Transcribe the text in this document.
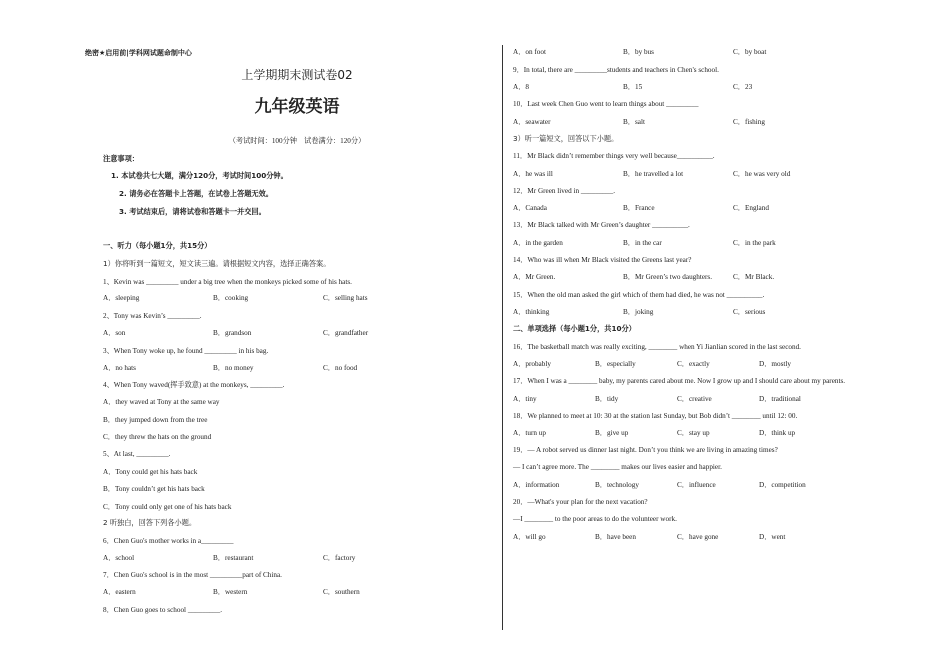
绝密★启用前|学科网试题命制中心
上学期期末测试卷02
九年级英语
（考试时间：100分钟　试卷满分：120分）
注意事项：
1. 本试卷共七大题，满分120分，考试时间100分钟。
2. 请务必在答题卡上答题，在试卷上答题无效。
3. 考试结束后，请将试卷和答题卡一并交回。
一、听力（每小题1分，共15分）
1）你将听到一篇短文，短文读三遍。请根据短文内容，选择正确答案。
1、Kevin was _________ under a big tree when the monkeys picked some of his hats.
A．sleeping	B．cooking	C．selling hats
2、Tony was Kevin’s _________.
A．son	B．grandson	C．grandfather
3、When Tony woke up, he found _________ in his bag.
A．no hats	B．no money	C．no food
4、When Tony waved(挥手致意) at the monkeys, _________.
A．they waved at Tony at the same way
B．they jumped down from the tree
C．they threw the hats on the ground
5、At last, _________.
A．Tony could get his hats back
B．Tony couldn’t get his hats back
C．Tony could only get one of his hats back
2 听独白，回答下列各小题。
6．Chen Guo's mother works in a_________
A．school	B．restaurant	C．factory
7．Chen Guo's school is in the most _________part of China.
A．eastern	B．western	C．southern
8．Chen Guo goes to school _________.
A．on foot	B．by bus	C．by boat
9．In total, there are _________students and teachers in Chen's school.
A．8	B．15	C．23
10．Last week Chen Guo went to learn things about _________
A．seawater	B．salt	C．fishing
3）听一篇短文，回答以下小题。
11．Mr Black didn’t remember things very well because__________.
A．he was ill	B．he travelled a lot	C．he was very old
12．Mr Green lived in _________.
A．Canada	B．France	C．England
13．Mr Black talked with Mr Green’s daughter __________.
A．in the garden	B．in the car	C．in the park
14．Who was ill when Mr Black visited the Greens last year?
A．Mr Green.	B．Mr Green’s two daughters.	C．Mr Black.
15．When the old man asked the girl which of them had died, he was not __________.
A．thinking	B．joking	C．serious
二、单项选择（每小题1分，共10分）
16．The basketball match was really exciting, ________ when Yi Jianlian scored in the last second.
A．probably	B．especially	C．exactly	D．mostly
17．When I was a ________ baby, my parents cared about me. Now I grow up and I should care about my parents.
A．tiny	B．tidy	C．creative	D．traditional
18．We planned to meet at 10: 30 at the station last Sunday, but Bob didn’t ________ until 12: 00.
A．turn up	B．give up	C．stay up	D．think up
19．— A robot served us dinner last night. Don’t you think we are living in amazing times?
— I can’t agree more. The ________ makes our lives easier and happier.
A．information	B．technology	C．influence	D．competition
20．—What's your plan for the next vacation?
—I ________ to the poor areas to do the volunteer work.
A．will go	B．have been	C．have gone	D．went
